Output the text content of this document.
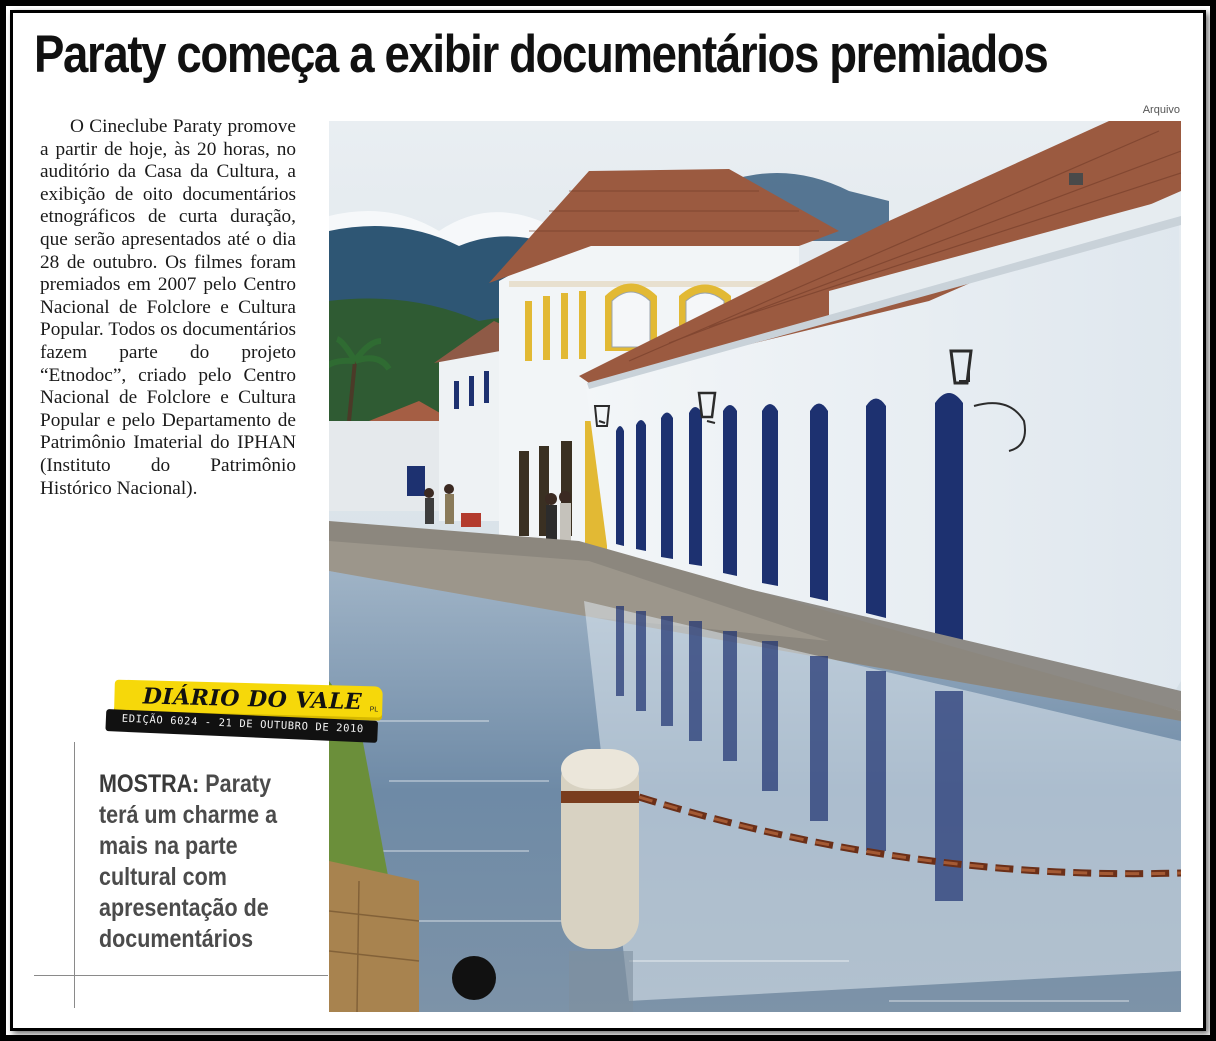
Paraty começa a exibir documentários premiados
Arquivo

O Cineclube Paraty promove a partir de hoje, às 20 horas, no auditório da Casa da Cultura, a exibição de oito documentários etnográficos de curta duração, que serão apresentados até o dia 28 de outubro. Os filmes foram premiados em 2007 pelo Centro Nacional de Folclore e Cultura Popular. Todos os documentários fazem parte do projeto “Etnodoc”, criado pelo Centro Nacional de Folclore e Cultura Popular e pelo Departamento de Patrimônio Imaterial do IPHAN (Instituto do Patrimônio Histórico Nacional).

DIÁRIO DO VALE	PL
EDIÇÃO 6024 - 21 DE OUTUBRO DE 2010
MOSTRA: Paraty terá um charme a mais na parte cultural com apresentação de documentários
